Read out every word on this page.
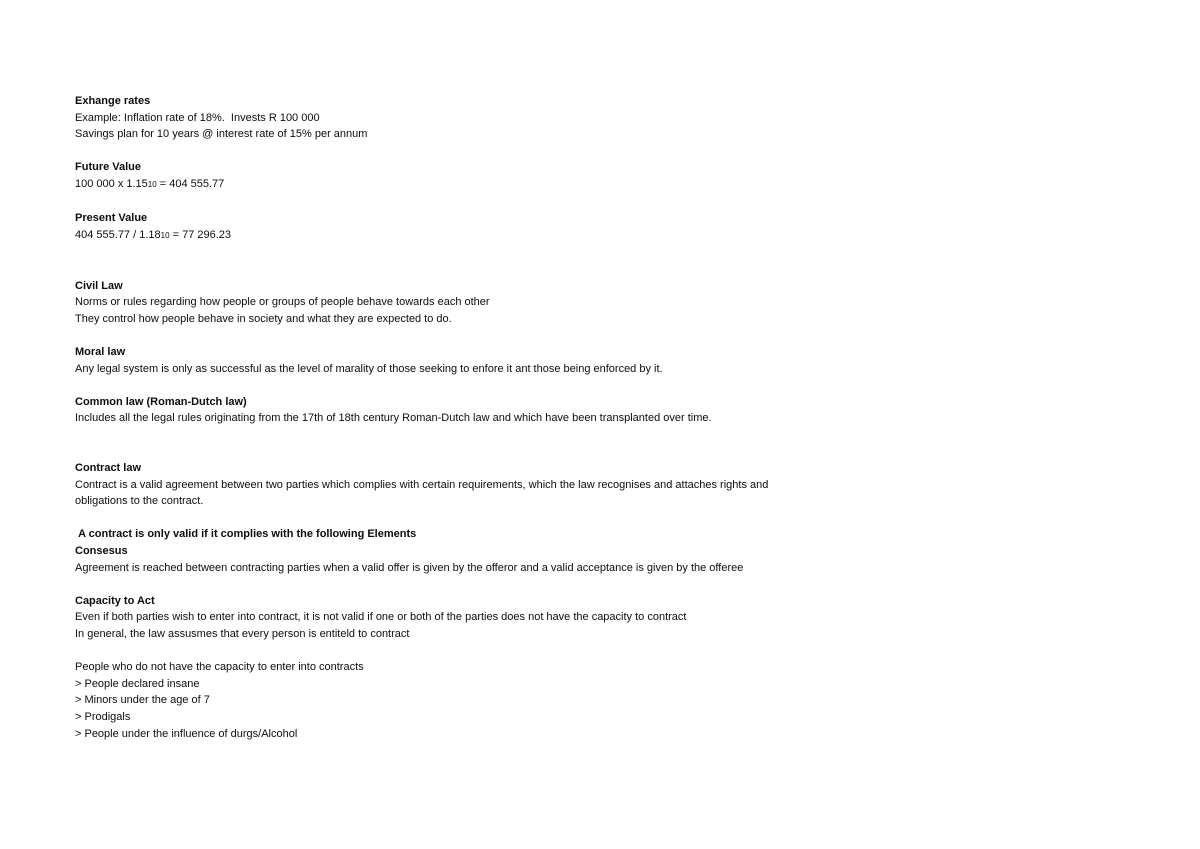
Exhange rates

Example: Inflation rate of 18%.  Invests R 100 000

Savings plan for 10 years @ interest rate of 15% per annum

Future Value

100 000 x 1.1510 = 404 555.77

Present Value

404 555.77 / 1.1810 = 77 296.23

Civil Law

Norms or rules regarding how people or groups of people behave towards each other

They control how people behave in society and what they are expected to do.

Moral law

Any legal system is only as successful as the level of marality of those seeking to enfore it ant those being enforced by it.

Common law (Roman-Dutch law)

Includes all the legal rules originating from the 17th of 18th century Roman-Dutch law and which have been transplanted over time.

Contract law

Contract is a valid agreement between two parties which complies with certain requirements, which the law recognises and attaches rights and

obligations to the contract.

A contract is only valid if it complies with the following Elements

Consesus

Agreement is reached between contracting parties when a valid offer is given by the offeror and a valid acceptance is given by the offeree

Capacity to Act

Even if both parties wish to enter into contract, it is not valid if one or both of the parties does not have the capacity to contract

In general, the law assusmes that every person is entiteld to contract

People who do not have the capacity to enter into contracts

> People declared insane

> Minors under the age of 7

> Prodigals

> People under the influence of durgs/Alcohol
